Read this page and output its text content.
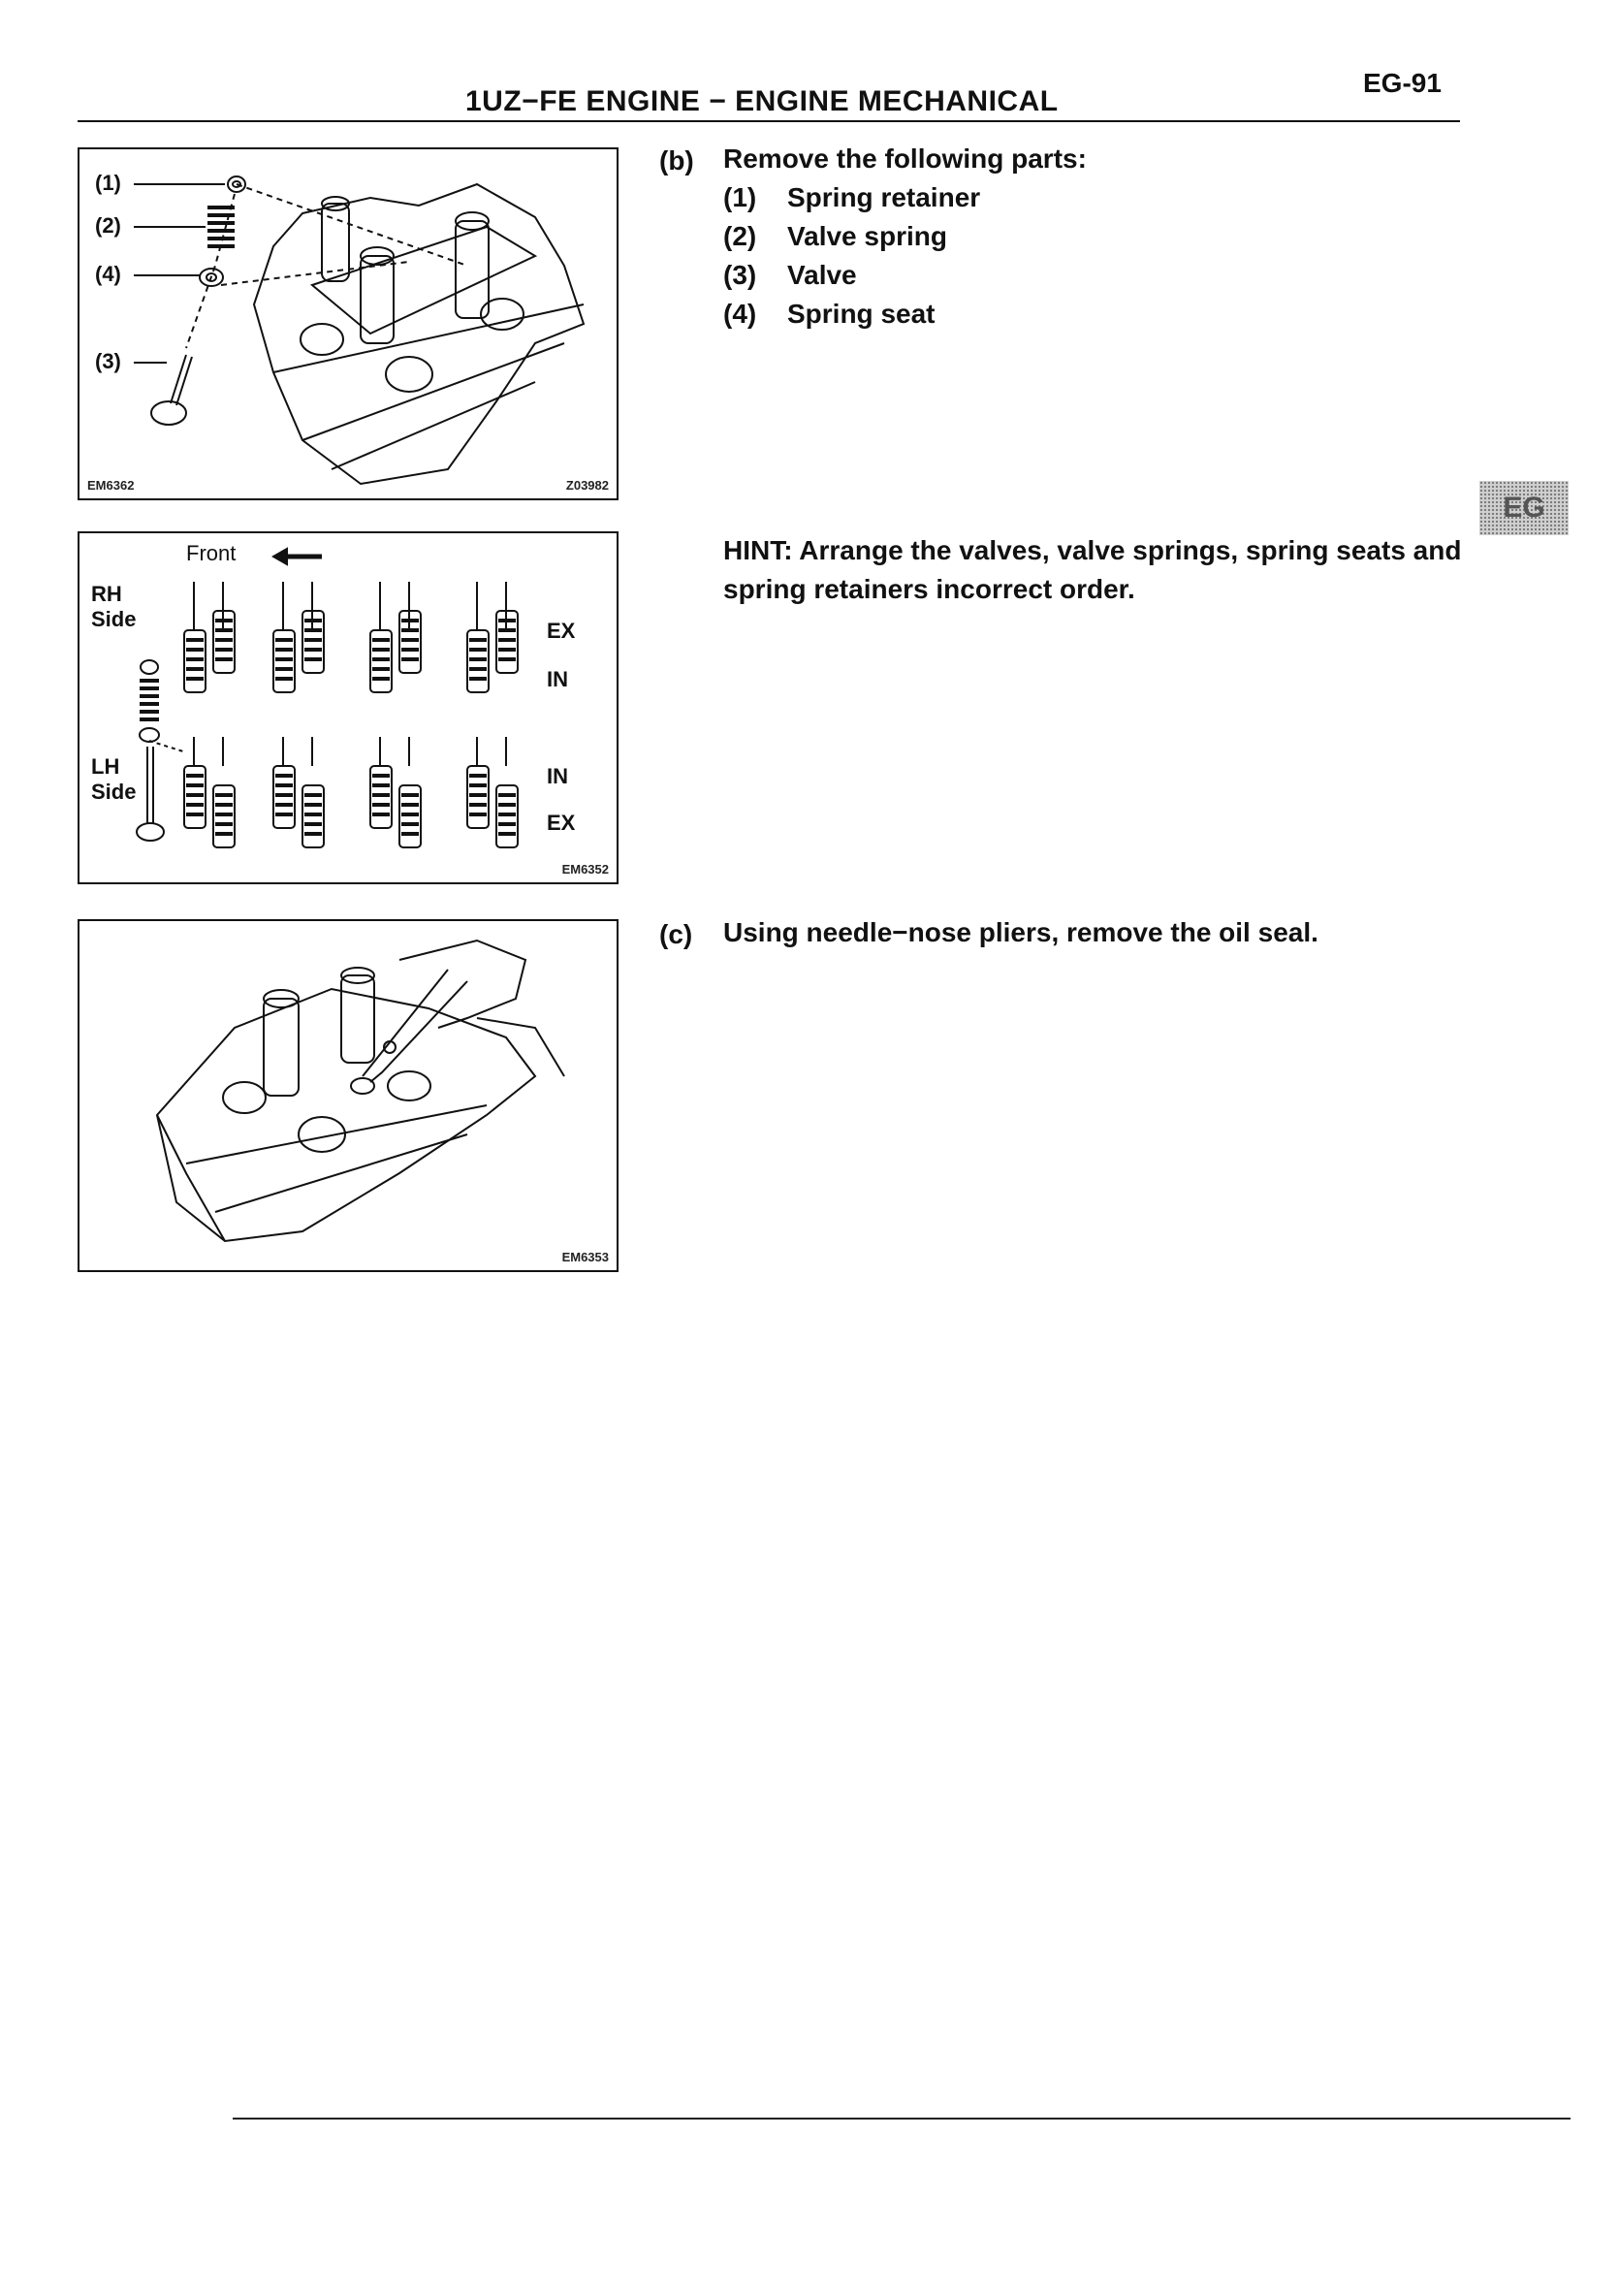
1UZ−FE ENGINE − ENGINE MECHANICAL
EG-91
EG
(1)
(2)
(4)
(3)
EM6362	Z03982
Front
RH
Side
LH
Side
EX
IN
IN
EX
EM6352
EM6353
(b) Remove the following parts:
(1) Spring retainer
(2) Valve spring
(3) Valve
(4) Spring seat
HINT: Arrange the valves, valve springs, spring seats and spring retainers incorrect order.
(c) Using needle−nose pliers, remove the oil seal.
